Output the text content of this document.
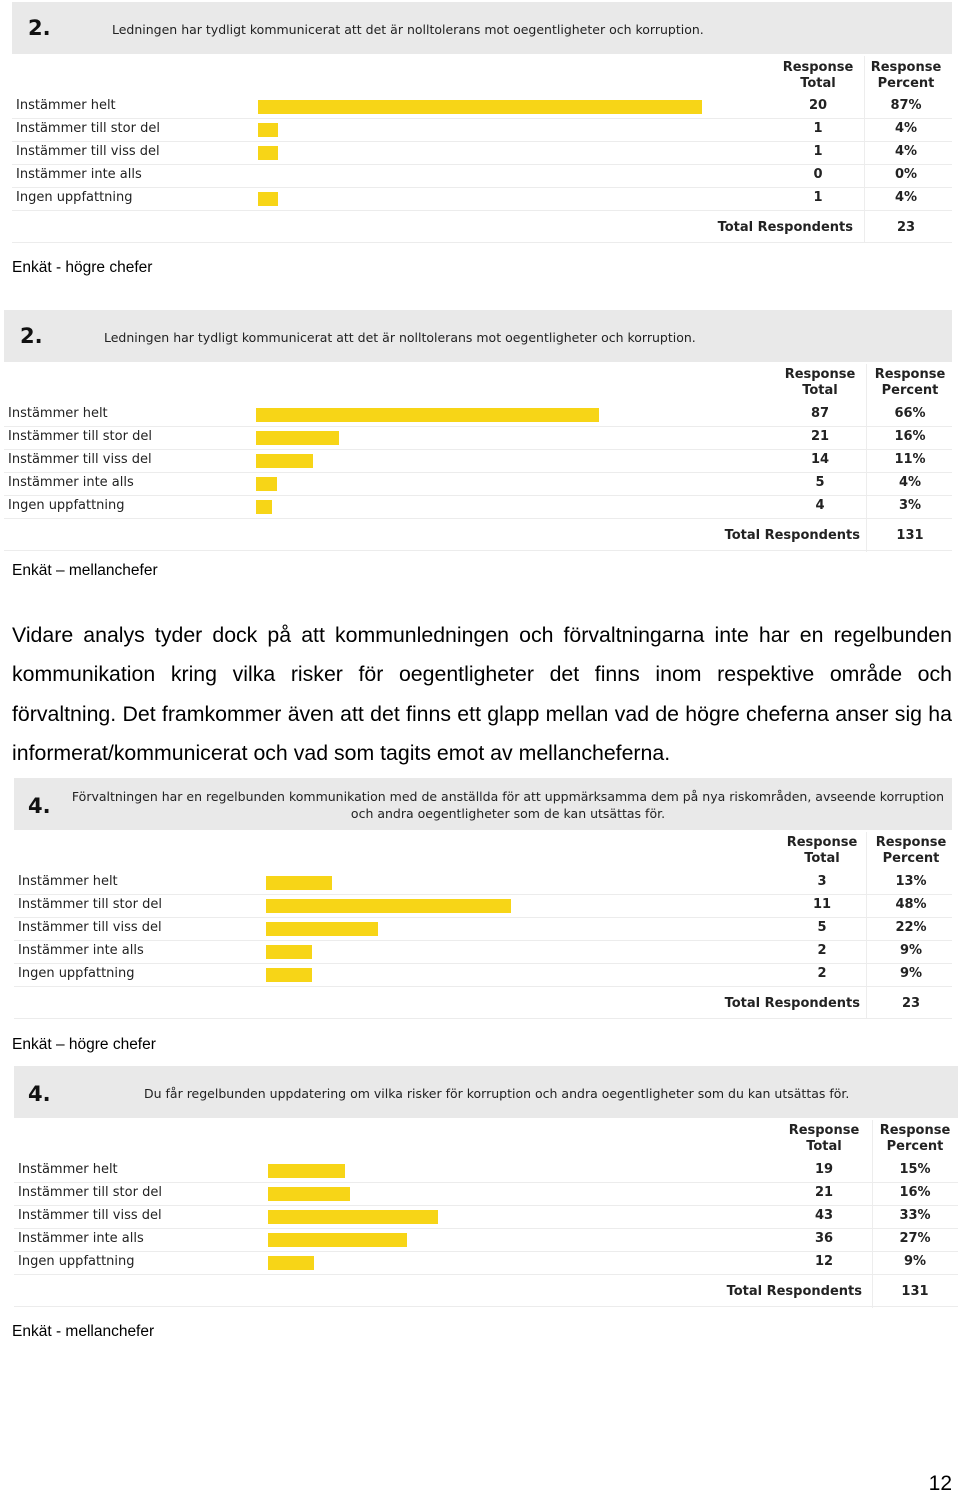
2.	Ledningen har tydligt kommunicerat att det är nolltolerans mot oegentligheter och korruption.
Response
Total
Response
Percent
Instämmer helt	20	87%
Instämmer till stor del	1	4%
Instämmer till viss del	1	4%
Instämmer inte alls	0	0%
Ingen uppfattning	1	4%
Total Respondents	23
Enkät - högre chefer
2.	Ledningen har tydligt kommunicerat att det är nolltolerans mot oegentligheter och korruption.
Response
Total
Response
Percent
Instämmer helt	87	66%
Instämmer till stor del	21	16%
Instämmer till viss del	14	11%
Instämmer inte alls	5	4%
Ingen uppfattning	4	3%
Total Respondents	131
Enkät – mellanchefer
Vidare analys tyder dock på att kommunledningen och förvaltningarna inte har en regelbunden kommunikation kring vilka risker för oegentligheter det finns inom respektive område och förvaltning. Det framkommer även att det finns ett glapp mellan vad de högre cheferna anser sig ha informerat/kommunicerat och vad som tagits emot av mellancheferna.
4.	Förvaltningen har en regelbunden kommunikation med de anställda för att uppmärksamma dem på nya riskområden, avseende korruption och andra oegentligheter som de kan utsättas för.
Response
Total
Response
Percent
Instämmer helt	3	13%
Instämmer till stor del	11	48%
Instämmer till viss del	5	22%
Instämmer inte alls	2	9%
Ingen uppfattning	2	9%
Total Respondents	23
Enkät – högre chefer
4.	Du får regelbunden uppdatering om vilka risker för korruption och andra oegentligheter som du kan utsättas för.
Response
Total
Response
Percent
Instämmer helt	19	15%
Instämmer till stor del	21	16%
Instämmer till viss del	43	33%
Instämmer inte alls	36	27%
Ingen uppfattning	12	9%
Total Respondents	131
Enkät - mellanchefer
12
